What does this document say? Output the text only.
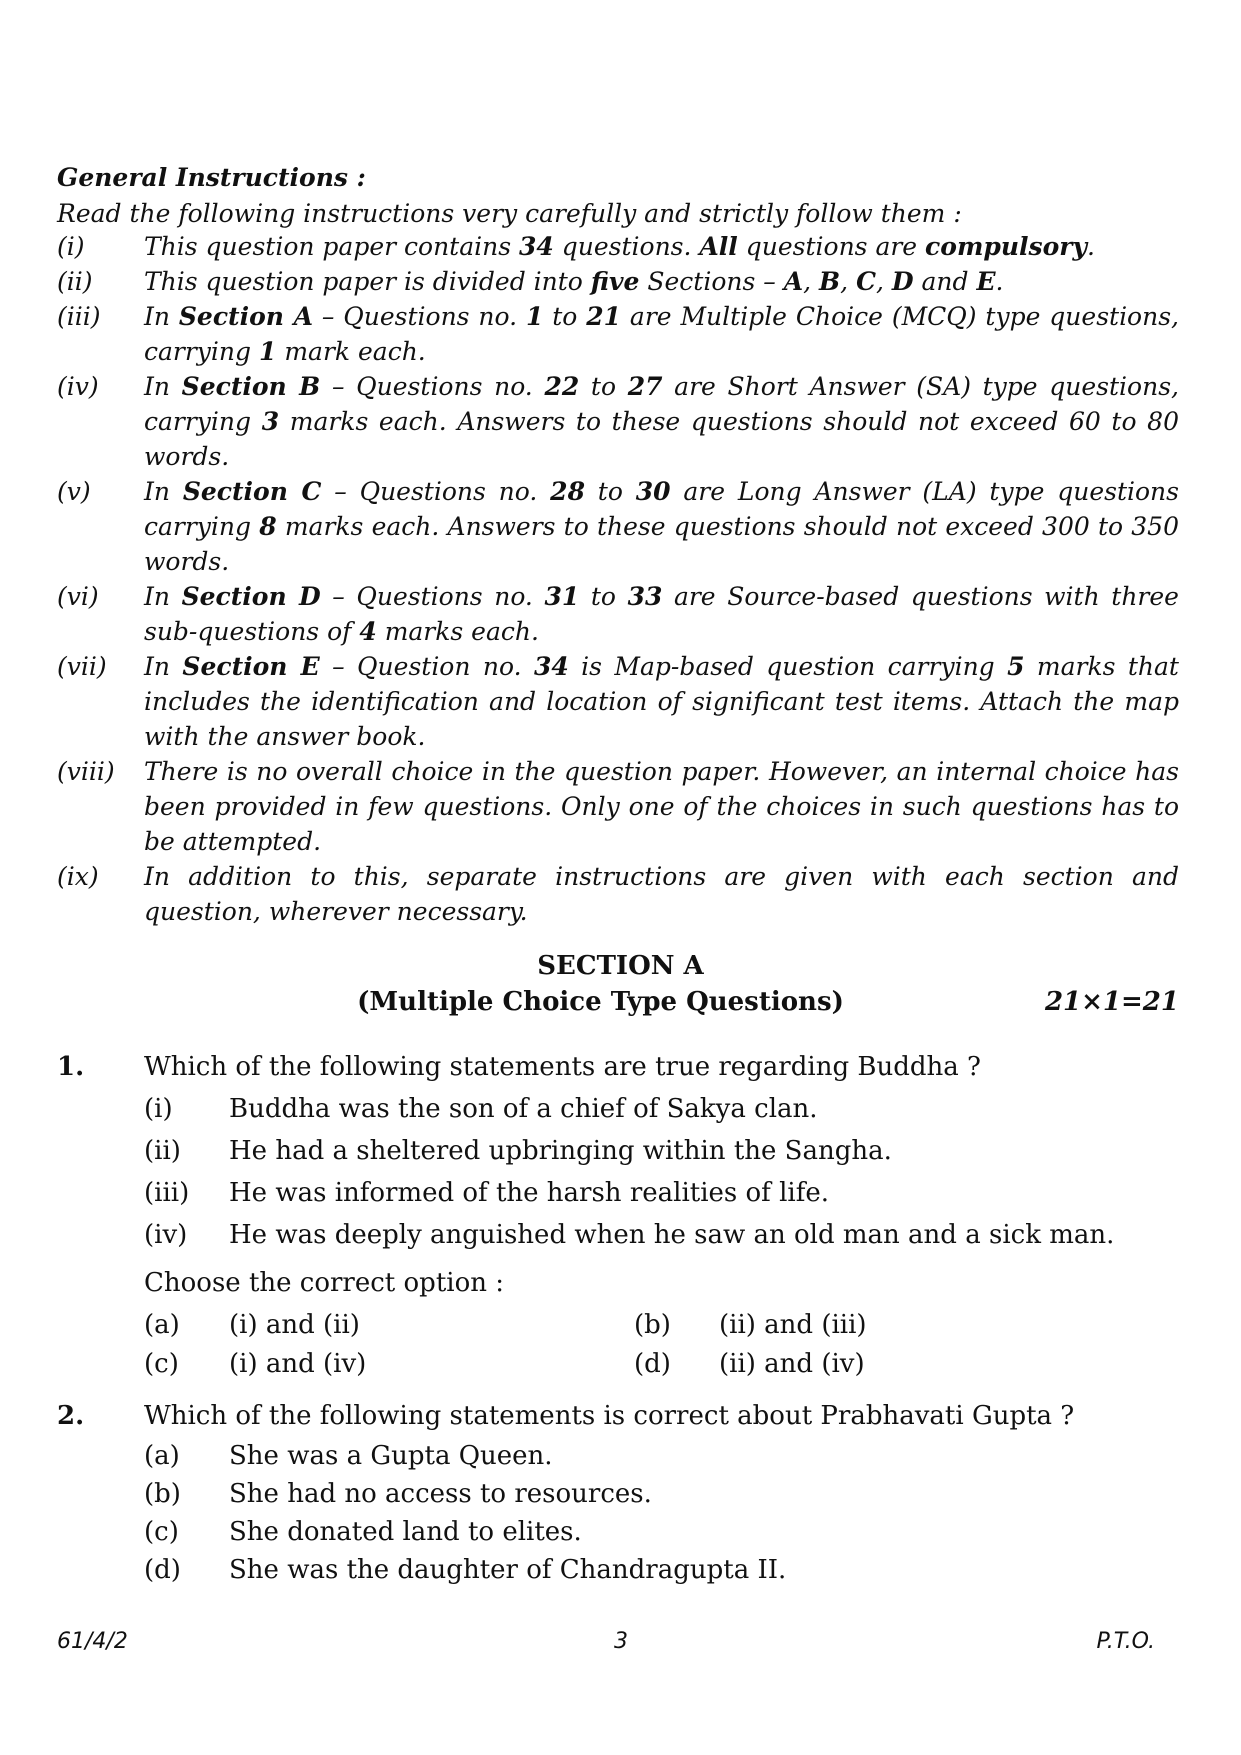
General Instructions :
Read the following instructions very carefully and strictly follow them :
(i) This question paper contains 34 questions. All questions are compulsory.
(ii) This question paper is divided into five Sections – A, B, C, D and E.
(iii) In Section A – Questions no. 1 to 21 are Multiple Choice (MCQ) type questions, carrying 1 mark each.
(iv) In Section B – Questions no. 22 to 27 are Short Answer (SA) type questions, carrying 3 marks each. Answers to these questions should not exceed 60 to 80 words.
(v) In Section C – Questions no. 28 to 30 are Long Answer (LA) type questions carrying 8 marks each. Answers to these questions should not exceed 300 to 350 words.
(vi) In Section D – Questions no. 31 to 33 are Source-based questions with three sub-questions of 4 marks each.
(vii) In Section E – Question no. 34 is Map-based question carrying 5 marks that includes the identification and location of significant test items. Attach the map with the answer book.
(viii) There is no overall choice in the question paper. However, an internal choice has been provided in few questions. Only one of the choices in such questions has to be attempted.
(ix) In addition to this, separate instructions are given with each section and question, wherever necessary.
SECTION A
(Multiple Choice Type Questions)	21×1=21
1. Which of the following statements are true regarding Buddha ?
(i) Buddha was the son of a chief of Sakya clan.
(ii) He had a sheltered upbringing within the Sangha.
(iii) He was informed of the harsh realities of life.
(iv) He was deeply anguished when he saw an old man and a sick man.
Choose the correct option :
(a) (i) and (ii)	(b) (ii) and (iii)
(c) (i) and (iv)	(d) (ii) and (iv)
2. Which of the following statements is correct about Prabhavati Gupta ?
(a) She was a Gupta Queen.
(b) She had no access to resources.
(c) She donated land to elites.
(d) She was the daughter of Chandragupta II.
61/4/2	3	P.T.O.
